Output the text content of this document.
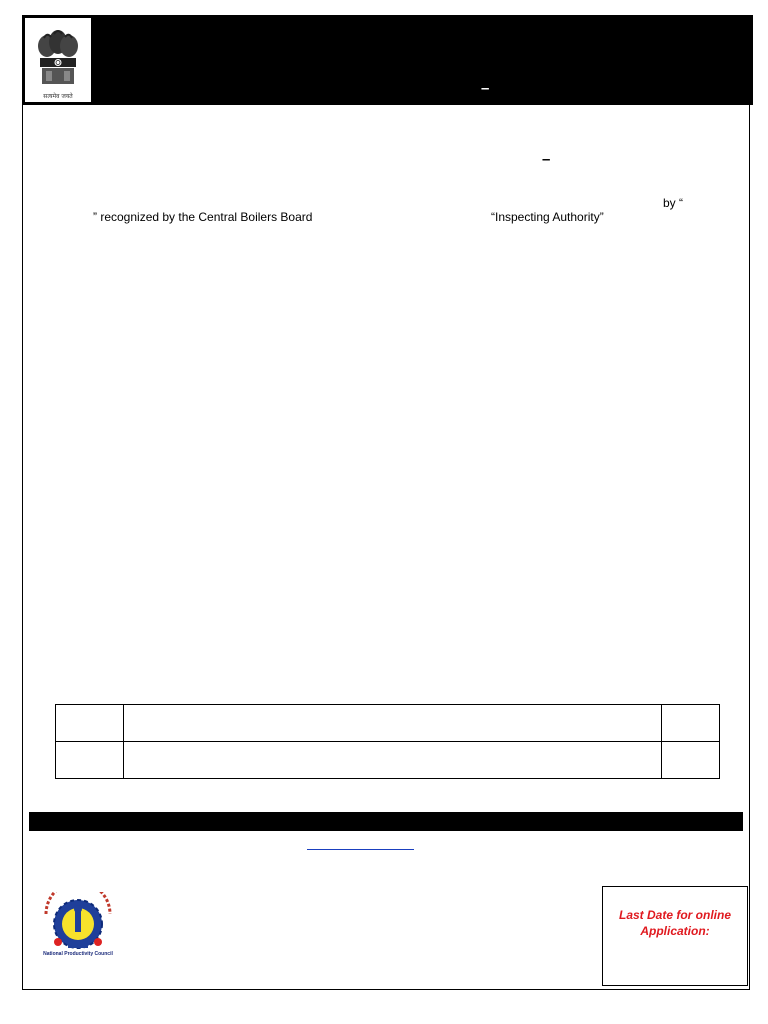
–
सत्यमेव जयते
–
by “
” recognized by the Central Boilers Board	“Inspecting Authority”

National Productivity Council
Last Date for online Application:
